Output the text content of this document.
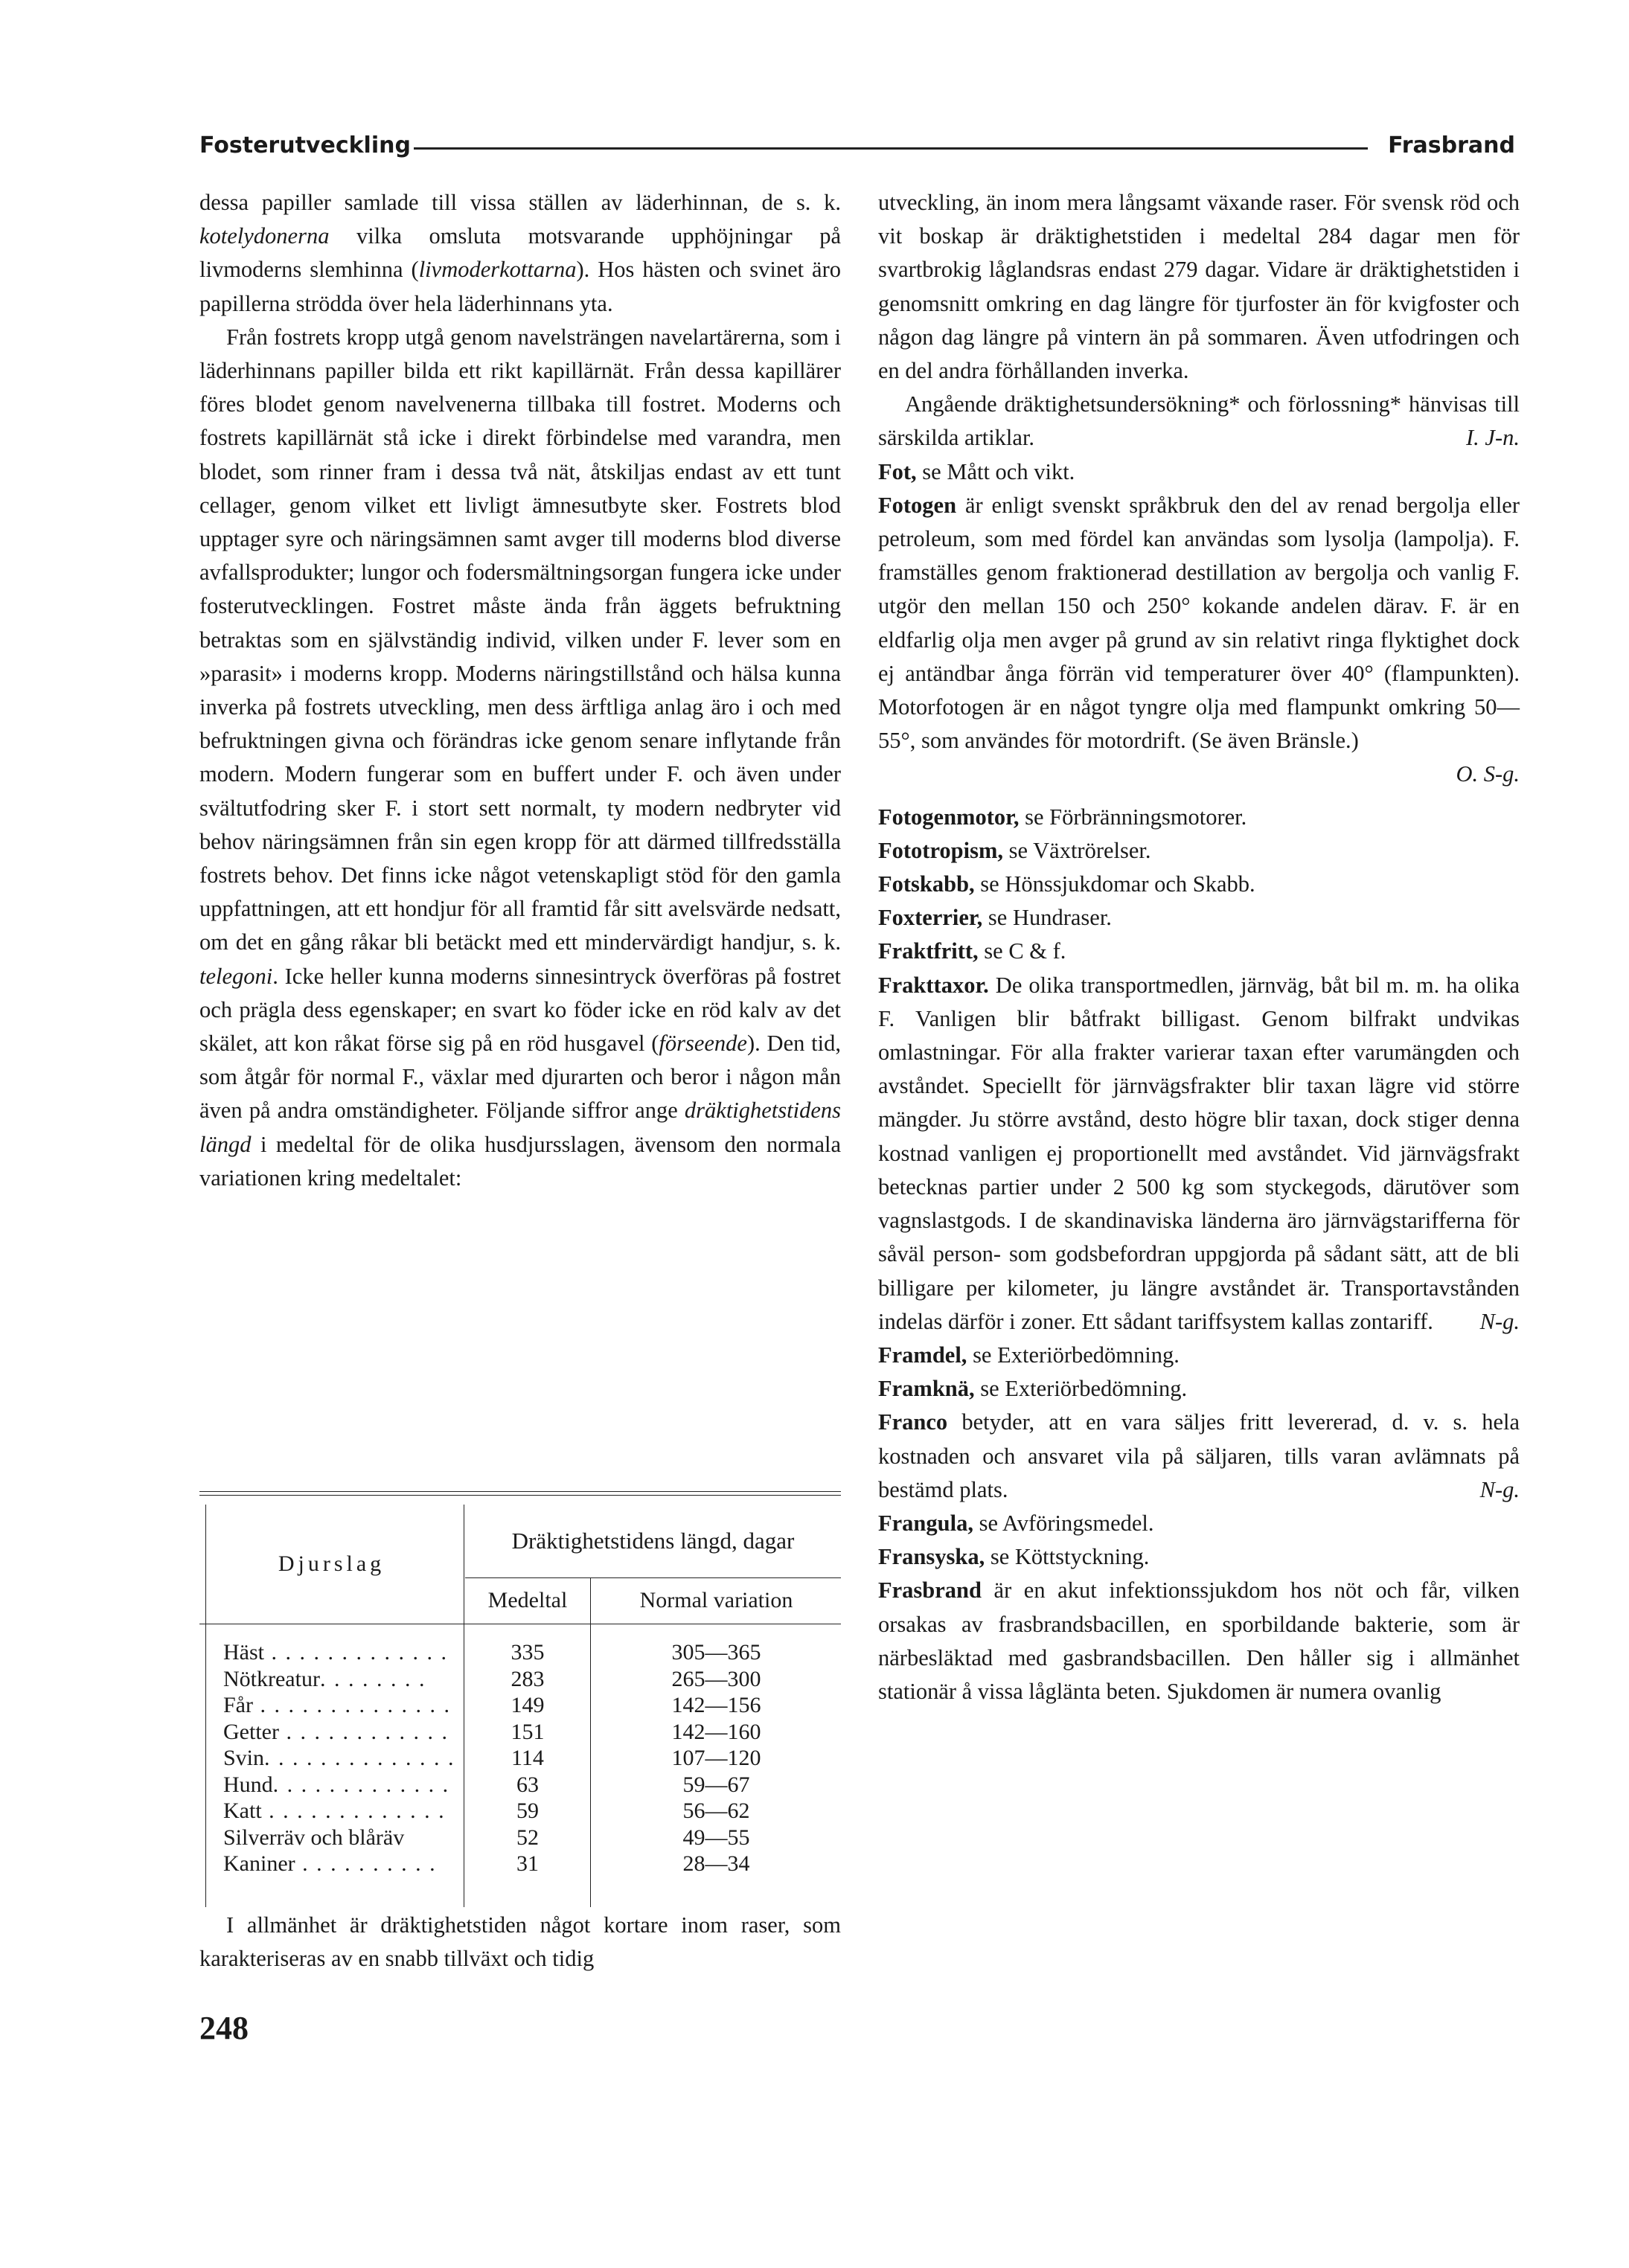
Fosterutveckling	Frasbrand

dessa papiller samlade till vissa ställen av läderhinnan, de s. k. kotelydonerna vilka omsluta motsvarande upphöjningar på livmoderns slemhinna (livmoderkottarna). Hos hästen och svinet äro papillerna strödda över hela läderhinnans yta.

Från fostrets kropp utgå genom navelsträngen navelartärerna, som i läderhinnans papiller bilda ett rikt kapillärnät. Från dessa kapillärer föres blodet genom navelvenerna tillbaka till fostret. Moderns och fostrets kapillärnät stå icke i direkt förbindelse med varandra, men blodet, som rinner fram i dessa två nät, åtskiljas endast av ett tunt cellager, genom vilket ett livligt ämnesutbyte sker. Fostrets blod upptager syre och näringsämnen samt avger till moderns blod diverse avfallsprodukter; lungor och fodersmältningsorgan fungera icke under fosterutvecklingen. Fostret måste ända från äggets befruktning betraktas som en självständig individ, vilken under F. lever som en »parasit» i moderns kropp. Moderns näringstillstånd och hälsa kunna inverka på fostrets utveckling, men dess ärftliga anlag äro i och med befruktningen givna och förändras icke genom senare inflytande från modern. Modern fungerar som en buffert under F. och även under svältutfodring sker F. i stort sett normalt, ty modern nedbryter vid behov näringsämnen från sin egen kropp för att därmed tillfredsställa fostrets behov. Det finns icke något vetenskapligt stöd för den gamla uppfattningen, att ett hondjur för all framtid får sitt avelsvärde nedsatt, om det en gång råkar bli betäckt med ett mindervärdigt handjur, s. k. telegoni. Icke heller kunna moderns sinnesintryck överföras på fostret och prägla dess egenskaper; en svart ko föder icke en röd kalv av det skälet, att kon råkat förse sig på en röd husgavel (förseende). Den tid, som åtgår för normal F., växlar med djurarten och beror i någon mån även på andra omständigheter. Följande siffror ange dräktighetstidens längd i medeltal för de olika husdjursslagen, ävensom den normala variationen kring medeltalet:

Djurslag
Dräktighetstidens längd, dagar
Medeltal	Normal variation
Häst . . . . . . . . . . . . .	335	305—365
Nötkreatur. . . . . . . .	283	265—300
Får . . . . . . . . . . . . . .	149	142—156
Getter . . . . . . . . . . . .	151	142—160
Svin. . . . . . . . . . . . . .	114	107—120
Hund. . . . . . . . . . . . .	63	59—67
Katt . . . . . . . . . . . . .	59	56—62
Silverräv och blåräv	52	49—55
Kaniner . . . . . . . . . .	31	28—34

I allmänhet är dräktighetstiden något kortare inom raser, som karakteriseras av en snabb tillväxt och tidig

utveckling, än inom mera långsamt växande raser. För svensk röd och vit boskap är dräktighetstiden i medeltal 284 dagar men för svartbrokig låglandsras endast 279 dagar. Vidare är dräktighetstiden i genomsnitt omkring en dag längre för tjurfoster än för kvigfoster och någon dag längre på vintern än på sommaren. Även utfodringen och en del andra förhållanden inverka.

Angående dräktighetsundersökning* och förlossning* hänvisas till särskilda artiklar.	I. J-n.

Fot, se Mått och vikt.

Fotogen är enligt svenskt språkbruk den del av renad bergolja eller petroleum, som med fördel kan användas som lysolja (lampolja). F. framställes genom fraktionerad destillation av bergolja och vanlig F. utgör den mellan 150 och 250° kokande andelen därav. F. är en eldfarlig olja men avger på grund av sin relativt ringa flyktighet dock ej antändbar ånga förrän vid temperaturer över 40° (flampunkten). Motorfotogen är en något tyngre olja med flampunkt omkring 50—55°, som användes för motordrift. (Se även Bränsle.)

O. S-g.

Fotogenmotor, se Förbränningsmotorer.

Fototropism, se Växtrörelser.

Fotskabb, se Hönssjukdomar och Skabb.

Foxterrier, se Hundraser.

Fraktfritt, se C & f.

Frakttaxor. De olika transportmedlen, järnväg, båt bil m. m. ha olika F. Vanligen blir båtfrakt billigast. Genom bilfrakt undvikas omlastningar. För alla frakter varierar taxan efter varumängden och avståndet. Speciellt för järnvägsfrakter blir taxan lägre vid större mängder. Ju större avstånd, desto högre blir taxan, dock stiger denna kostnad vanligen ej proportionellt med avståndet. Vid järnvägsfrakt betecknas partier under 2 500 kg som styckegods, därutöver som vagnslastgods. I de skandinaviska länderna äro järnvägstarifferna för såväl person- som godsbefordran uppgjorda på sådant sätt, att de bli billigare per kilometer, ju längre avståndet är. Transportavstånden indelas därför i zoner. Ett sådant tariffsystem kallas zontariff. N-g.

Framdel, se Exteriörbedömning.

Framknä, se Exteriörbedömning.

Franco betyder, att en vara säljes fritt levererad, d. v. s. hela kostnaden och ansvaret vila på säljaren, tills varan avlämnats på bestämd plats.	N-g.

Frangula, se Avföringsmedel.

Fransyska, se Köttstyckning.

Frasbrand är en akut infektionssjukdom hos nöt och får, vilken orsakas av frasbrandsbacillen, en sporbildande bakterie, som är närbesläktad med gasbrandsbacillen. Den håller sig i allmänhet stationär å vissa låglänta beten. Sjukdomen är numera ovanlig

248
